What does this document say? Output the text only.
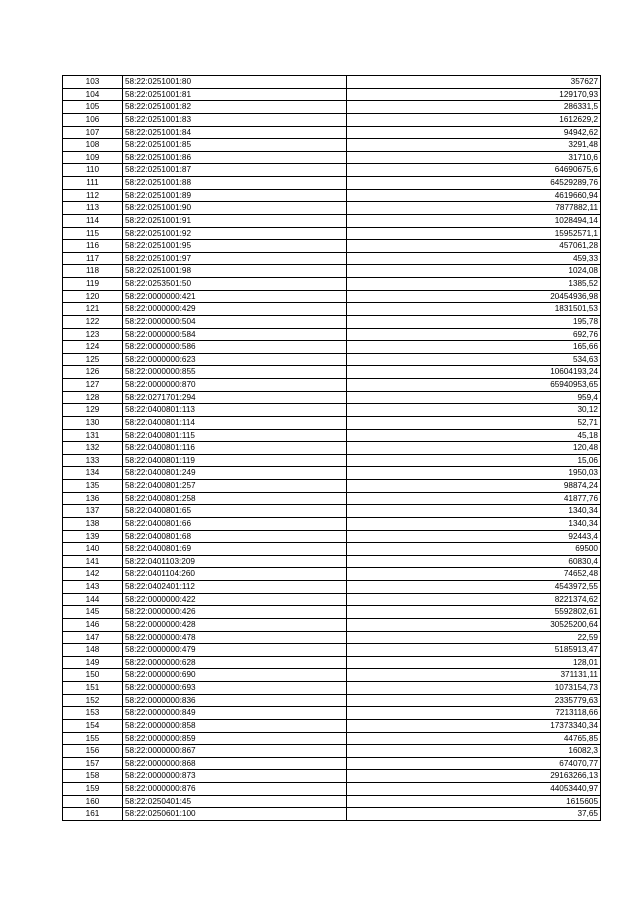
103	58:22:0251001:80	357627
104	58:22:0251001:81	129170,93
105	58:22:0251001:82	286331,5
106	58:22:0251001:83	1612629,2
107	58:22:0251001:84	94942,62
108	58:22:0251001:85	3291,48
109	58:22:0251001:86	31710,6
110	58:22:0251001:87	64690675,6
111	58:22:0251001:88	64529289,76
112	58:22:0251001:89	4619660,94
113	58:22:0251001:90	7877882,11
114	58:22:0251001:91	1028494,14
115	58:22:0251001:92	15952571,1
116	58:22:0251001:95	457061,28
117	58:22:0251001:97	459,33
118	58:22:0251001:98	1024,08
119	58:22:0253501:50	1385,52
120	58:22:0000000:421	20454936,98
121	58:22:0000000:429	1831501,53
122	58:22:0000000:504	195,78
123	58:22:0000000:584	692,76
124	58:22:0000000:586	165,66
125	58:22:0000000:623	534,63
126	58:22:0000000:855	10604193,24
127	58:22:0000000:870	65940953,65
128	58:22:0271701:294	959,4
129	58:22:0400801:113	30,12
130	58:22:0400801:114	52,71
131	58:22:0400801:115	45,18
132	58:22:0400801:116	120,48
133	58:22:0400801:119	15,06
134	58:22:0400801:249	1950,03
135	58:22:0400801:257	98874,24
136	58:22:0400801:258	41877,76
137	58:22:0400801:65	1340,34
138	58:22:0400801:66	1340,34
139	58:22:0400801:68	92443,4
140	58:22:0400801:69	69500
141	58:22:0401103:209	60830,4
142	58:22:0401104:260	74652,48
143	58:22:0402401:112	4543972,55
144	58:22:0000000:422	8221374,62
145	58:22:0000000:426	5592802,61
146	58:22:0000000:428	30525200,64
147	58:22:0000000:478	22,59
148	58:22:0000000:479	5185913,47
149	58:22:0000000:628	128,01
150	58:22:0000000:690	371131,11
151	58:22:0000000:693	1073154,73
152	58:22:0000000:836	2335779,63
153	58:22:0000000:849	7213118,66
154	58:22:0000000:858	17373340,34
155	58:22:0000000:859	44765,85
156	58:22:0000000:867	16082,3
157	58:22:0000000:868	674070,77
158	58:22:0000000:873	29163266,13
159	58:22:0000000:876	44053440,97
160	58:22:0250401:45	1615605
161	58:22:0250601:100	37,65
